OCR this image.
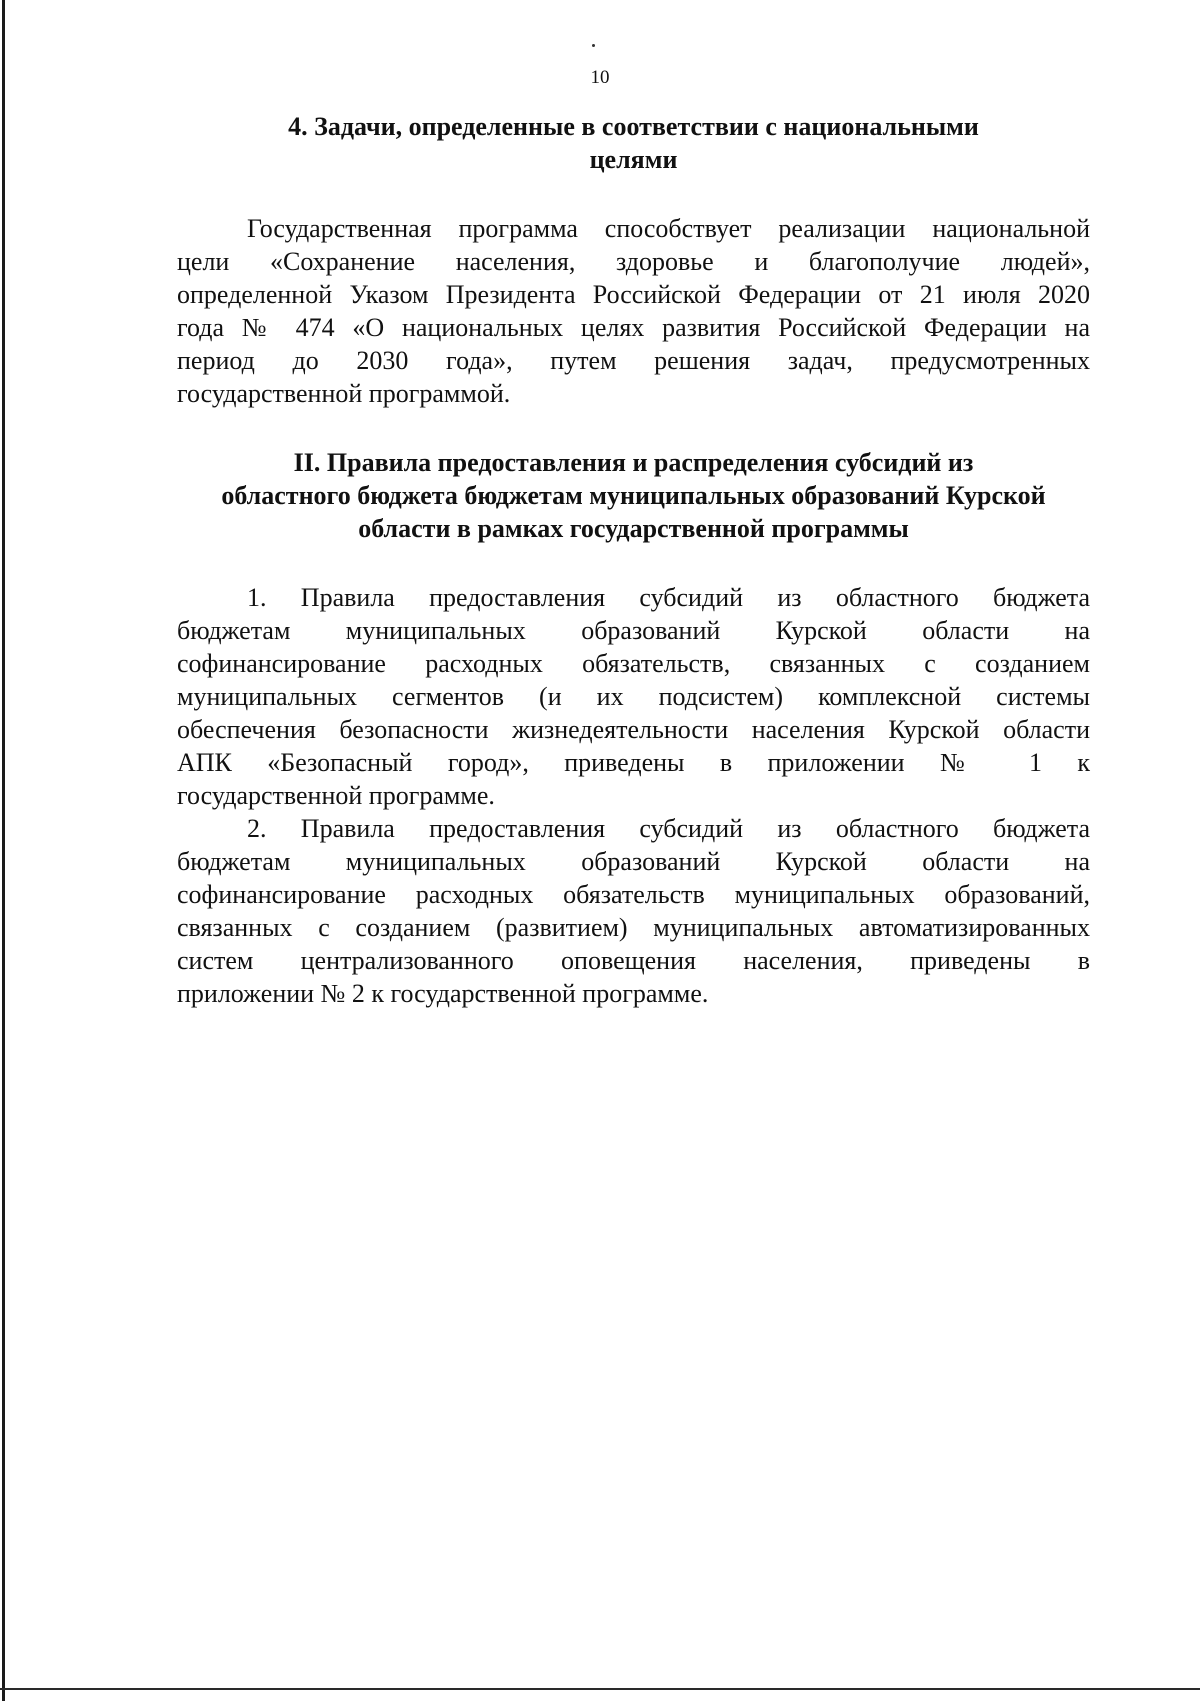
10
4. Задачи, определенные в соответствии с национальными
целями

Государственная программа способствует реализации национальной
цели «Сохранение населения, здоровье и благополучие людей»,
определенной Указом Президента Российской Федерации от 21 июля 2020
года № 474 «О национальных целях развития Российской Федерации на
период до 2030 года», путем решения задач, предусмотренных
государственной программой.

II. Правила предоставления и распределения субсидий из
областного бюджета бюджетам муниципальных образований Курской
области в рамках государственной программы

1. Правила предоставления субсидий из областного бюджета
бюджетам муниципальных образований Курской области на
софинансирование расходных обязательств, связанных с созданием
муниципальных сегментов (и их подсистем) комплексной системы
обеспечения безопасности жизнедеятельности населения Курской области
АПК «Безопасный город», приведены в приложении № 1 к
государственной программе.

2. Правила предоставления субсидий из областного бюджета
бюджетам муниципальных образований Курской области на
софинансирование расходных обязательств муниципальных образований,
связанных с созданием (развитием) муниципальных автоматизированных
систем централизованного оповещения населения, приведены в
приложении № 2 к государственной программе.
